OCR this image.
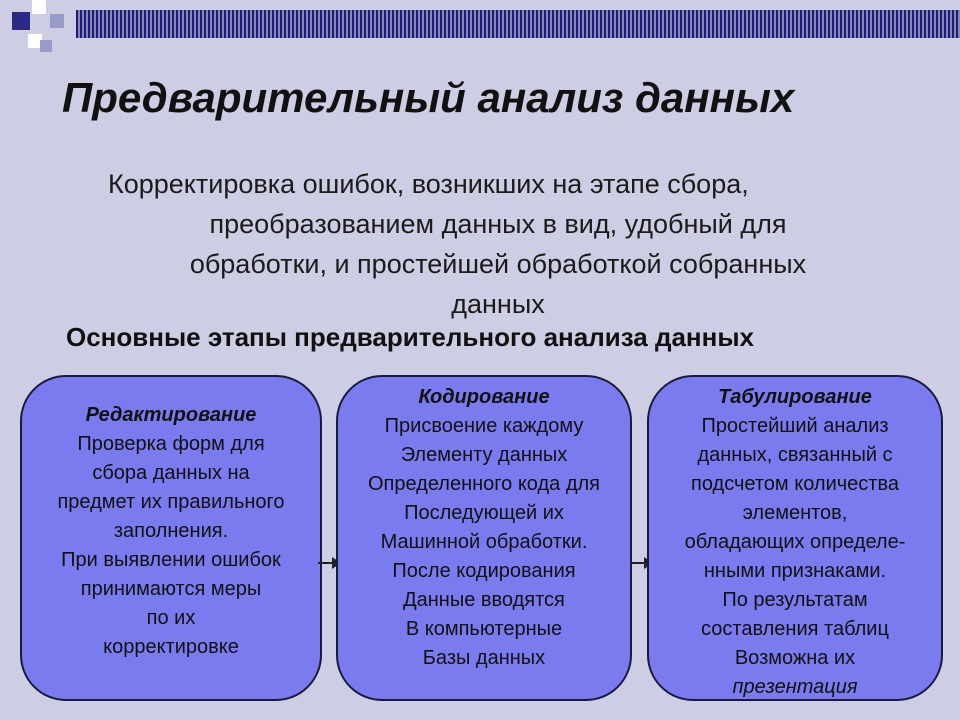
Предварительный анализ данных
Корректировка ошибок, возникших на этапе сбора,
преобразованием данных в вид, удобный для
обработки, и простейшей обработкой собранных
данных
Основные этапы предварительного анализа данных
Редактирование
Проверка форм для
сбора данных на
предмет их правильного
заполнения.
При выявлении ошибок
принимаются меры
по их
корректировке
Кодирование
Присвоение каждому
Элементу данных
Определенного кода для
Последующей их
Машинной обработки.
После кодирования
Данные вводятся
В компьютерные
Базы данных
Табулирование
Простейший анализ
данных, связанный с
подсчетом количества
элементов,
обладающих определе-
нными признаками.
По результатам
составления таблиц
Возможна их
презентация
